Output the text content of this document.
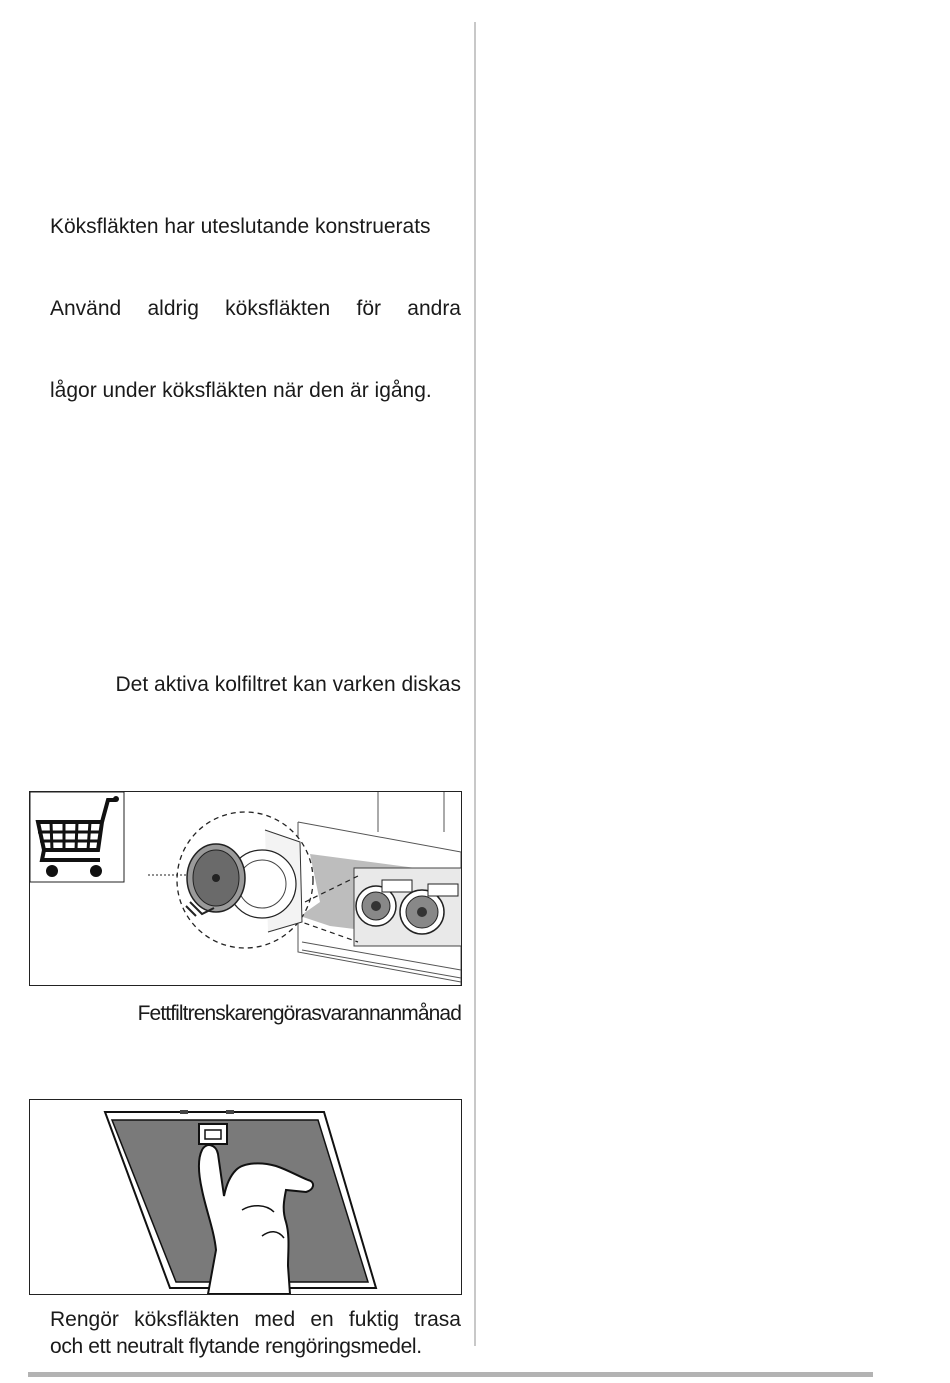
Köksfläkten har uteslutande konstruerats
Använd aldrig köksfläkten för andra
lågor under köksfläkten när den är igång.
Det aktiva kolfiltret kan varken diskas
Fettfiltrenskarengörasvarannanmånad
Rengör köksfläkten med en fuktig trasa
och ett neutralt flytande rengöringsmedel.
